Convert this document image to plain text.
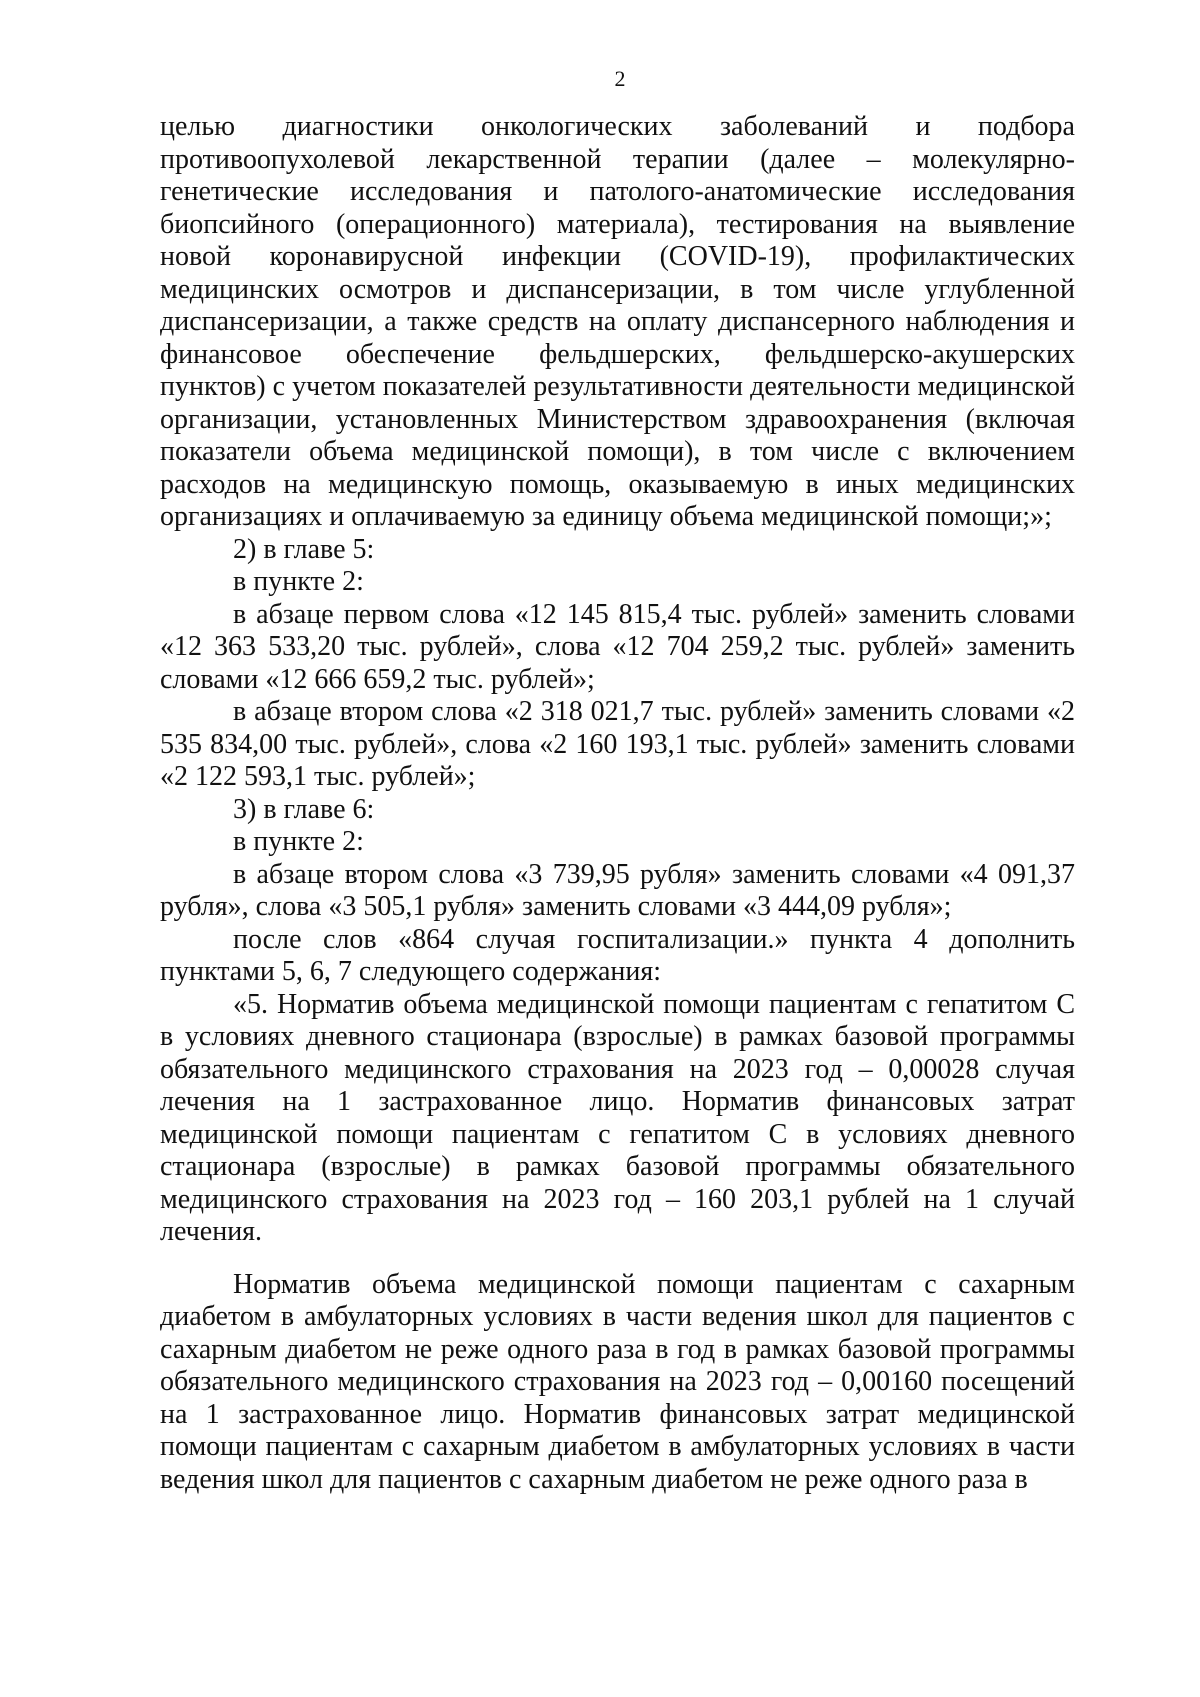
2

целью диагностики онкологических заболеваний и подбора противоопухолевой лекарственной терапии (далее – молекулярно-генетические исследования и патолого-анатомические исследования биопсийного (операционного) материала), тестирования на выявление новой коронавирусной инфекции (COVID-19), профилактических медицинских осмотров и диспансеризации, в том числе углубленной диспансеризации, а также средств на оплату диспансерного наблюдения и финансовое обеспечение фельдшерских, фельдшерско-акушерских пунктов) с учетом показателей результативности деятельности медицинской организации, установленных Министерством здравоохранения (включая показатели объема медицинской помощи), в том числе с включением расходов на медицинскую помощь, оказываемую в иных медицинских организациях и оплачиваемую за единицу объема медицинской помощи;»;

2) в главе 5:

в пункте 2:

в абзаце первом слова «12 145 815,4 тыс. рублей» заменить словами «12 363 533,20 тыс. рублей», слова «12 704 259,2 тыс. рублей» заменить словами «12 666 659,2 тыс. рублей»;

в абзаце втором слова «2 318 021,7 тыс. рублей» заменить словами «2 535 834,00 тыс. рублей», слова «2 160 193,1 тыс. рублей» заменить словами «2 122 593,1 тыс. рублей»;

3) в главе 6:

в пункте 2:

в абзаце втором слова «3 739,95 рубля» заменить словами «4 091,37 рубля», слова «3 505,1 рубля» заменить словами «3 444,09 рубля»;

после слов «864 случая госпитализации.» пункта 4 дополнить пунктами 5, 6, 7 следующего содержания:

«5. Норматив объема медицинской помощи пациентам с гепатитом С в условиях дневного стационара (взрослые) в рамках базовой программы обязательного медицинского страхования на 2023 год – 0,00028 случая лечения на 1 застрахованное лицо. Норматив финансовых затрат медицинской помощи пациентам с гепатитом С в условиях дневного стационара (взрослые) в рамках базовой программы обязательного медицинского страхования на 2023 год – 160 203,1 рублей на 1 случай лечения.

Норматив объема медицинской помощи пациентам с сахарным диабетом в амбулаторных условиях в части ведения школ для пациентов с сахарным диабетом не реже одного раза в год в рамках базовой программы обязательного медицинского страхования на 2023 год – 0,00160 посещений на 1 застрахованное лицо. Норматив финансовых затрат медицинской помощи пациентам с сахарным диабетом в амбулаторных условиях в части ведения школ для пациентов с сахарным диабетом не реже одного раза в
